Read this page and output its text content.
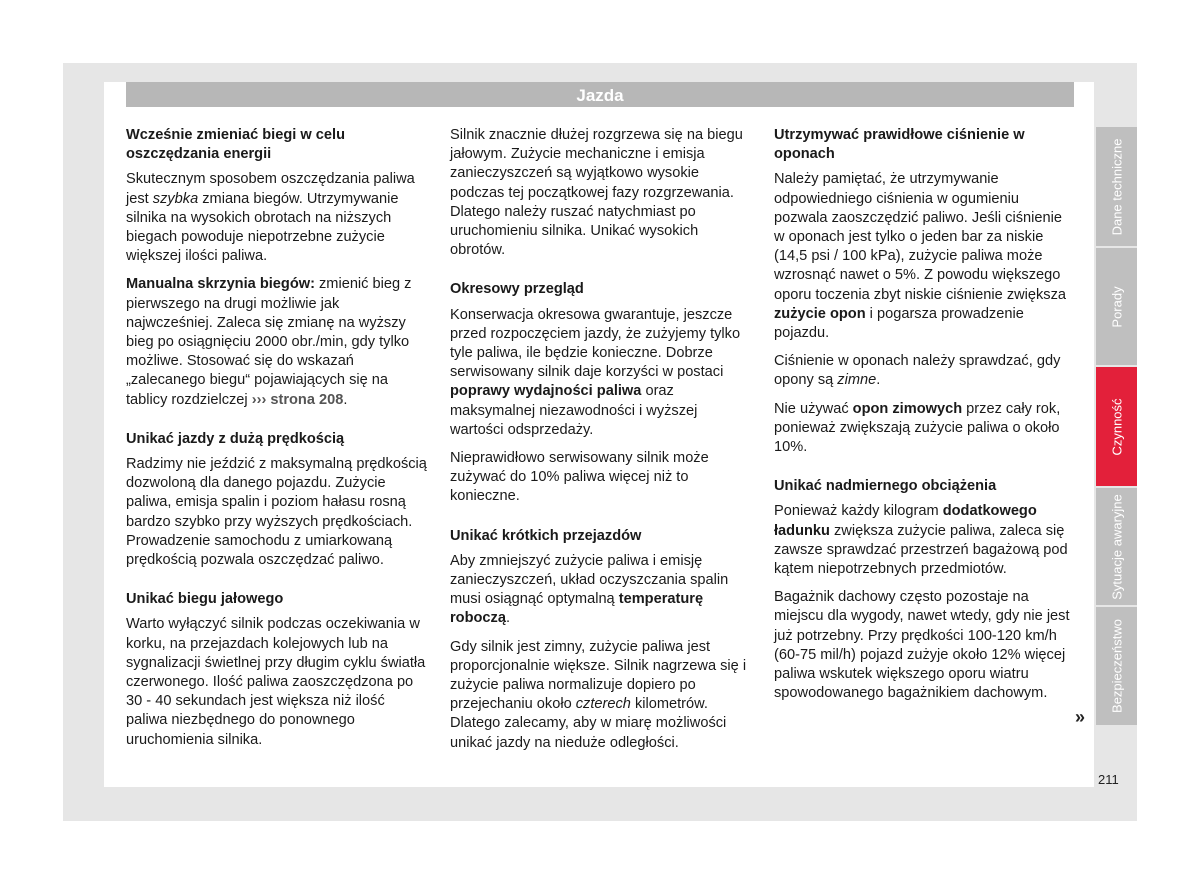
Jazda
Wcześnie zmieniać biegi w celu oszczędzania energii

Skutecznym sposobem oszczędzania paliwa jest szybka zmiana biegów. Utrzymywanie silnika na wysokich obrotach na niższych biegach powoduje niepotrzebne zużycie większej ilości paliwa.

Manualna skrzynia biegów: zmienić bieg z pierwszego na drugi możliwie jak najwcześniej. Zaleca się zmianę na wyższy bieg po osiągnięciu 2000 obr./min, gdy tylko możliwe. Stosować się do wskazań „zalecanego biegu“ pojawiających się na tablicy rozdzielczej ››› strona 208.

Unikać jazdy z dużą prędkością

Radzimy nie jeździć z maksymalną prędkością dozwoloną dla danego pojazdu. Zużycie paliwa, emisja spalin i poziom hałasu rosną bardzo szybko przy wyższych prędkościach. Prowadzenie samochodu z umiarkowaną prędkością pozwala oszczędzać paliwo.

Unikać biegu jałowego

Warto wyłączyć silnik podczas oczekiwania w korku, na przejazdach kolejowych lub na sygnalizacji świetlnej przy długim cyklu światła czerwonego. Ilość paliwa zaoszczędzona po 30 - 40 sekundach jest większa niż ilość paliwa niezbędnego do ponownego uruchomienia silnika.

Silnik znacznie dłużej rozgrzewa się na biegu jałowym. Zużycie mechaniczne i emisja zanieczyszczeń są wyjątkowo wysokie podczas tej początkowej fazy rozgrzewania. Dlatego należy ruszać natychmiast po uruchomieniu silnika. Unikać wysokich obrotów.

Okresowy przegląd

Konserwacja okresowa gwarantuje, jeszcze przed rozpoczęciem jazdy, że zużyjemy tylko tyle paliwa, ile będzie konieczne. Dobrze serwisowany silnik daje korzyści w postaci poprawy wydajności paliwa oraz maksymalnej niezawodności i wyższej wartości odsprzedaży.

Nieprawidłowo serwisowany silnik może zużywać do 10% paliwa więcej niż to konieczne.

Unikać krótkich przejazdów

Aby zmniejszyć zużycie paliwa i emisję zanieczyszczeń, układ oczyszczania spalin musi osiągnąć optymalną temperaturę roboczą.

Gdy silnik jest zimny, zużycie paliwa jest proporcjonalnie większe. Silnik nagrzewa się i zużycie paliwa normalizuje dopiero po przejechaniu około czterech kilometrów. Dlatego zalecamy, aby w miarę możliwości unikać jazdy na nieduże odległości.

Utrzymywać prawidłowe ciśnienie w oponach

Należy pamiętać, że utrzymywanie odpowiedniego ciśnienia w ogumieniu pozwala zaoszczędzić paliwo. Jeśli ciśnienie w oponach jest tylko o jeden bar za niskie (14,5 psi / 100 kPa), zużycie paliwa może wzrosnąć nawet o 5%. Z powodu większego oporu toczenia zbyt niskie ciśnienie zwiększa zużycie opon i pogarsza prowadzenie pojazdu.

Ciśnienie w oponach należy sprawdzać, gdy opony są zimne.

Nie używać opon zimowych przez cały rok, ponieważ zwiększają zużycie paliwa o około 10%.

Unikać nadmiernego obciążenia

Ponieważ każdy kilogram dodatkowego ładunku zwiększa zużycie paliwa, zaleca się zawsze sprawdzać przestrzeń bagażową pod kątem niepotrzebnych przedmiotów.

Bagażnik dachowy często pozostaje na miejscu dla wygody, nawet wtedy, gdy nie jest już potrzebny. Przy prędkości 100-120 km/h (60-75 mil/h) pojazd zużyje około 12% więcej paliwa wskutek większego oporu wiatru spowodowanego bagażnikiem dachowym.

»
Dane techniczne
Porady
Czynność
Sytuacje awaryjne
Bezpieczeństwo
211
